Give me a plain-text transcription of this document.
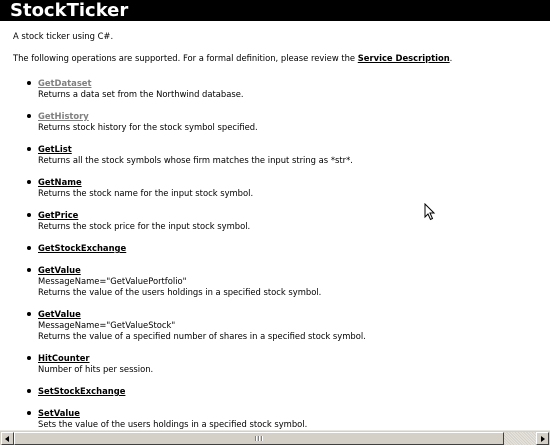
StockTicker
A stock ticker using C#.
The following operations are supported. For a formal definition, please review the Service Description.
GetDataset
Returns a data set from the Northwind database.
GetHistory
Returns stock history for the stock symbol specified.
GetList
Returns all the stock symbols whose firm matches the input string as *str*.
GetName
Returns the stock name for the input stock symbol.
GetPrice
Returns the stock price for the input stock symbol.
GetStockExchange
GetValue
MessageName="GetValuePortfolio"
Returns the value of the users holdings in a specified stock symbol.
GetValue
MessageName="GetValueStock"
Returns the value of a specified number of shares in a specified stock symbol.
HitCounter
Number of hits per session.
SetStockExchange
SetValue
Sets the value of the users holdings in a specified stock symbol.
